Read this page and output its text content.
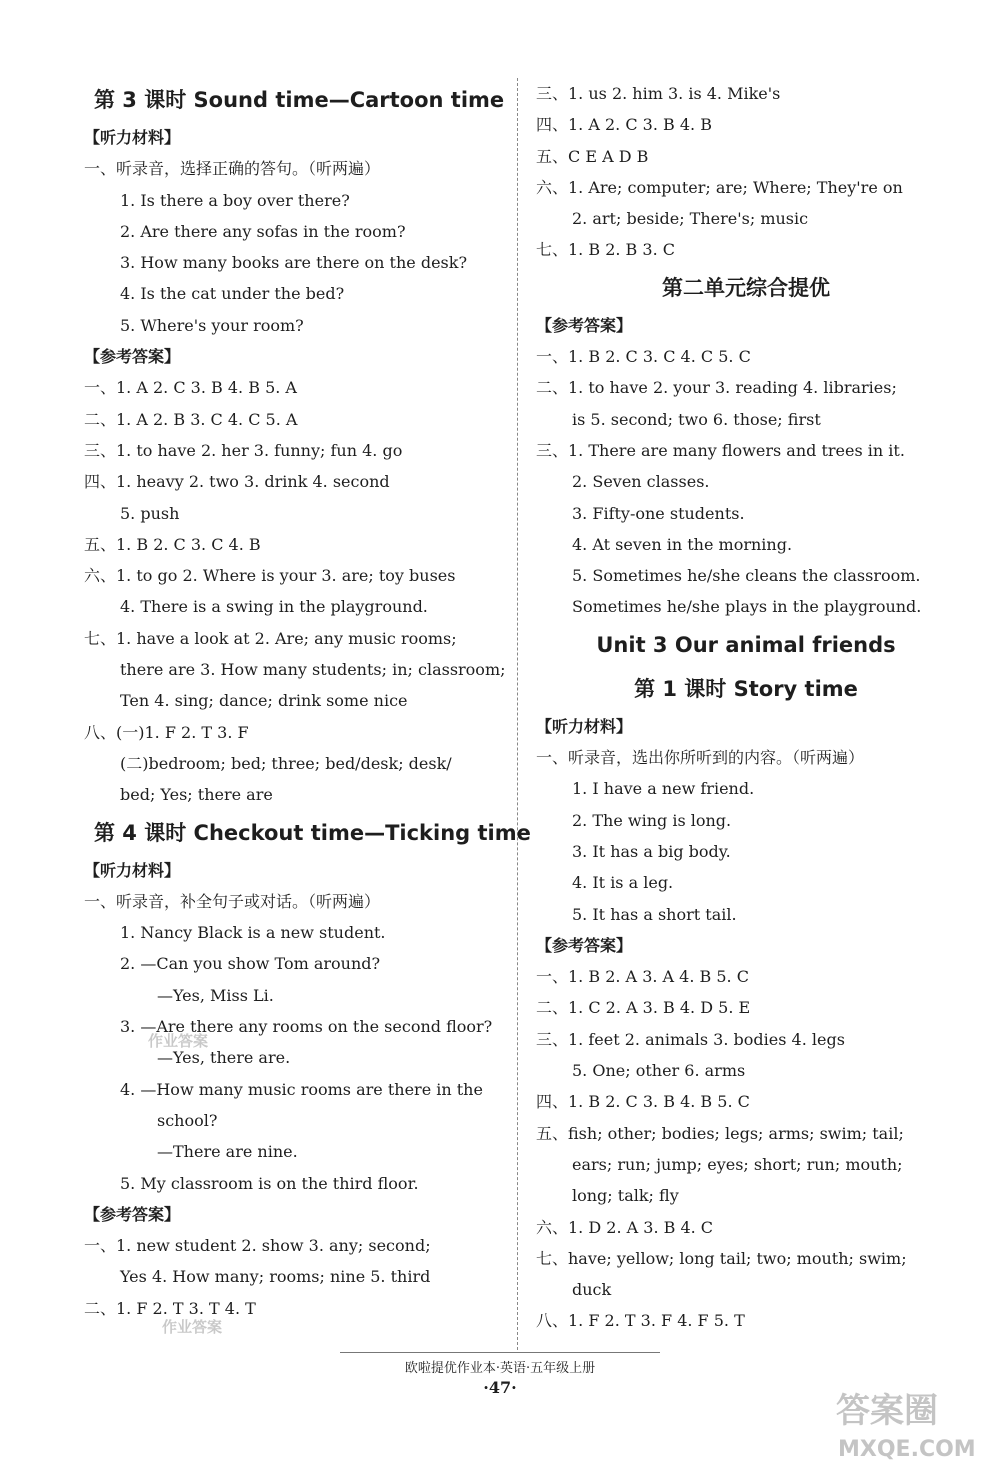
第 3 课时 Sound time—Cartoon time
【听力材料】
一、听录音，选择正确的答句。（听两遍）
1. Is there a boy over there?
2. Are there any sofas in the room?
3. How many books are there on the desk?
4. Is the cat under the bed?
5. Where's your room?
【参考答案】
一、1. A 2. C 3. B 4. B 5. A
二、1. A 2. B 3. C 4. C 5. A
三、1. to have 2. her 3. funny; fun 4. go
四、1. heavy 2. two 3. drink 4. second
5. push
五、1. B 2. C 3. C 4. B
六、1. to go 2. Where is your 3. are; toy buses
4. There is a swing in the playground.
七、1. have a look at 2. Are; any music rooms;
there are 3. How many students; in; classroom;
Ten 4. sing; dance; drink some nice
八、(一)1. F 2. T 3. F
(二)bedroom; bed; three; bed/desk; desk/
bed; Yes; there are
第 4 课时 Checkout time—Ticking time
【听力材料】
一、听录音，补全句子或对话。（听两遍）
1. Nancy Black is a new student.
2. —Can you show Tom around?
—Yes, Miss Li.
3. —Are there any rooms on the second floor?
—Yes, there are.
4. —How many music rooms are there in the
school?
—There are nine.
5. My classroom is on the third floor.
【参考答案】
一、1. new student 2. show 3. any; second;
Yes 4. How many; rooms; nine 5. third
二、1. F 2. T 3. T 4. T
三、1. us 2. him 3. is 4. Mike's
四、1. A 2. C 3. B 4. B
五、C E A D B
六、1. Are; computer; are; Where; They're on
2. art; beside; There's; music
七、1. B 2. B 3. C
第二单元综合提优
【参考答案】
一、1. B 2. C 3. C 4. C 5. C
二、1. to have 2. your 3. reading 4. libraries;
is 5. second; two 6. those; first
三、1. There are many flowers and trees in it.
2. Seven classes.
3. Fifty-one students.
4. At seven in the morning.
5. Sometimes he/she cleans the classroom.
Sometimes he/she plays in the playground.
Unit 3 Our animal friends
第 1 课时 Story time
【听力材料】
一、听录音，选出你所听到的内容。（听两遍）
1. I have a new friend.
2. The wing is long.
3. It has a big body.
4. It is a leg.
5. It has a short tail.
【参考答案】
一、1. B 2. A 3. A 4. B 5. C
二、1. C 2. A 3. B 4. D 5. E
三、1. feet 2. animals 3. bodies 4. legs
5. One; other 6. arms
四、1. B 2. C 3. B 4. B 5. C
五、fish; other; bodies; legs; arms; swim; tail;
ears; run; jump; eyes; short; run; mouth;
long; talk; fly
六、1. D 2. A 3. B 4. C
七、have; yellow; long tail; two; mouth; swim;
duck
八、1. F 2. T 3. F 4. F 5. T
欧啦提优作业本·英语·五年级上册
·47·
作业答案
作业答案
答案圈
MXQE.COM
